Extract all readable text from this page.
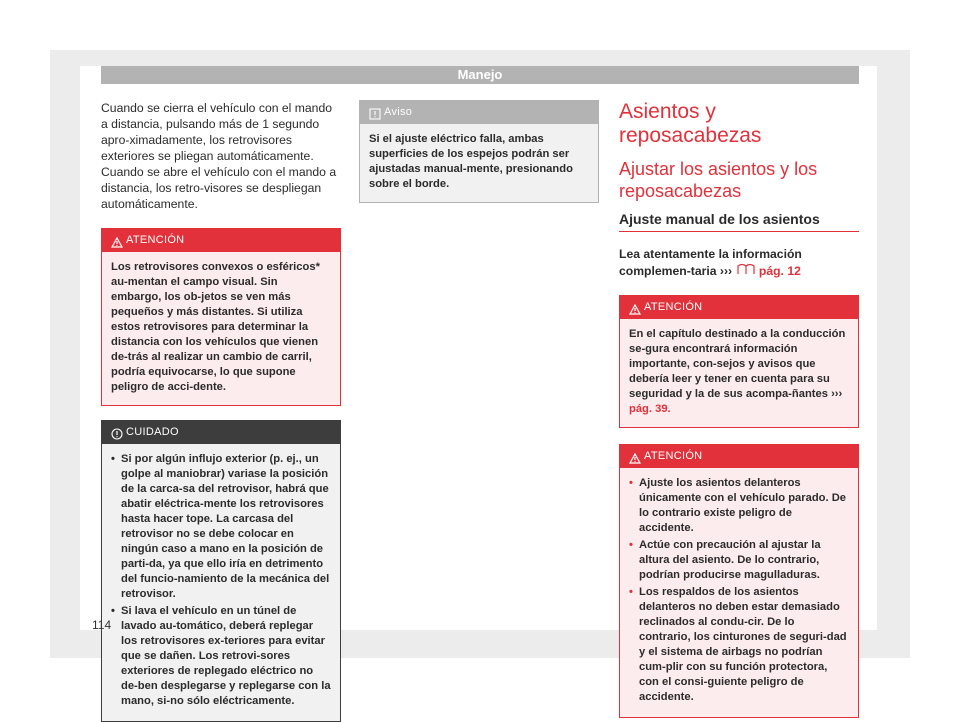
Manejo

Cuando se cierra el vehículo con el mando a distancia, pulsando más de 1 segundo apro-ximadamente, los retrovisores exteriores se pliegan automáticamente. Cuando se abre el vehículo con el mando a distancia, los retro-visores se despliegan automáticamente.

ATENCIÓN
Los retrovisores convexos o esféricos* au-mentan el campo visual. Sin embargo, los ob-jetos se ven más pequeños y más distantes. Si utiliza estos retrovisores para determinar la distancia con los vehículos que vienen de-trás al realizar un cambio de carril, podría equivocarse, lo que supone peligro de acci-dente.
CUIDADO
• Si por algún influjo exterior (p. ej., un golpe al maniobrar) variase la posición de la carca-sa del retrovisor, habrá que abatir eléctrica-mente los retrovisores hasta hacer tope. La carcasa del retrovisor no se debe colocar en ningún caso a mano en la posición de parti-da, ya que ello iría en detrimento del funcio-namiento de la mecánica del retrovisor.
• Si lava el vehículo en un túnel de lavado au-tomático, deberá replegar los retrovisores ex-teriores para evitar que se dañen. Los retrovi-sores exteriores de replegado eléctrico no de-ben desplegarse y replegarse con la mano, si-no sólo eléctricamente.
Aviso
Si el ajuste eléctrico falla, ambas superficies de los espejos podrán ser ajustadas manual-mente, presionando sobre el borde.
Asientos y reposacabezas
Ajustar los asientos y los reposacabezas
Ajuste manual de los asientos

Lea atentamente la información complemen-taria ››› pág. 12

ATENCIÓN
En el capítulo destinado a la conducción se-gura encontrará información importante, con-sejos y avisos que debería leer y tener en cuenta para su seguridad y la de sus acompa-ñantes ››› pág. 39.
ATENCIÓN
• Ajuste los asientos delanteros únicamente con el vehículo parado. De lo contrario existe peligro de accidente.
• Actúe con precaución al ajustar la altura del asiento. De lo contrario, podrían producirse magulladuras.
• Los respaldos de los asientos delanteros no deben estar demasiado reclinados al condu-cir. De lo contrario, los cinturones de seguri-dad y el sistema de airbags no podrían cum-plir con su función protectora, con el consi-guiente peligro de accidente.
114
